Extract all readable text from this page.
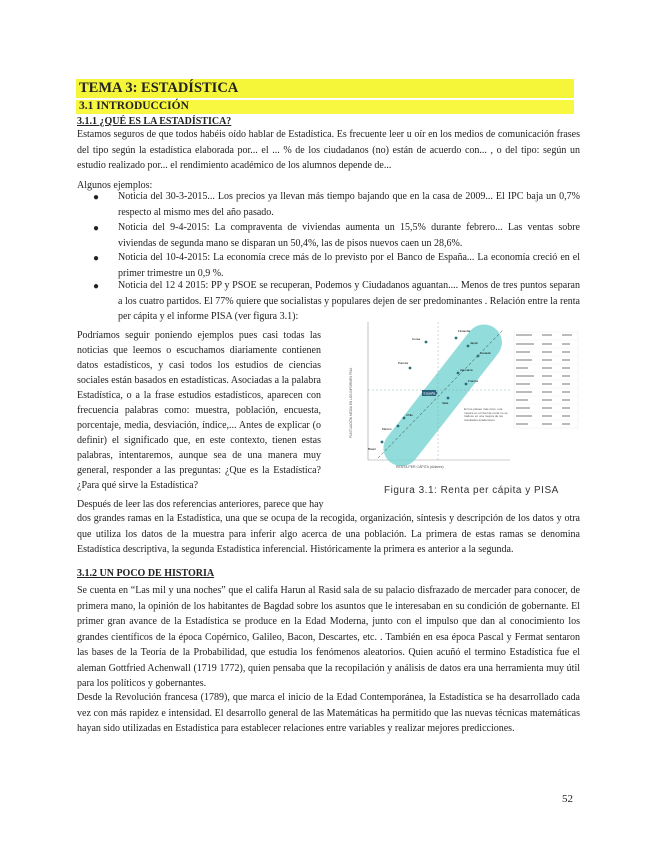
TEMA 3: ESTADÍSTICA
3.1 INTRODUCCIÓN
3.1.1 ¿QUÉ ES LA ESTADÍSTICA?
Estamos seguros de que todos habéis oído hablar de Estadística. Es frecuente leer u oír en los medios de comunicación frases del tipo según la estadística elaborada por... el ... % de los ciudadanos (no) están de acuerdo con... , o del tipo: según un estudio realizado por... el rendimiento académico de los alumnos depende de...
Algunos ejemplos:
● Noticia del 30-3-2015... Los precios ya llevan más tiempo bajando que en la casa de 2009... El IPC baja un 0,7% respecto al mismo mes del año pasado.
● Noticia del 9-4-2015: La compraventa de viviendas aumenta un 15,5% durante febrero... Las ventas sobre viviendas de segunda mano se disparan un 50,4%, las de pisos nuevos caen un 28,6%.
● Noticia del 10-4-2015: La economía crece más de lo previsto por el Banco de España... La economía creció en el primer trimestre un 0,9 %.
● Noticia del 12 4 2015: PP y PSOE se recuperan, Podemos y Ciudadanos aguantan.... Menos de tres puntos separan a los cuatro partidos. El 77% quiere que socialistas y populares dejen de ser predominantes . Relación entre la renta per cápita y el informe PISA (ver figura 3.1):
Podríamos seguir poniendo ejemplos pues casi todas las noticias que leemos o escuchamos diariamente contienen datos estadísticos, y casi todos los estudios de ciencias sociales están basados en estadísticas. Asociadas a la palabra Estadística, o a la frase estudios estadísticos, aparecen con frecuencia palabras como: muestra, población, encuesta, porcentaje, media, desviación, índice,... Antes de explicar (o definir) el significado que, en este contexto, tienen estas palabras, intentaremos, aunque sea de una manera muy general, responder a las preguntas: ¿Que es la Estadística? ¿Para qué sirve la Estadística?
Finlandia
Japón
Corea
Canadá
Polonia
Alemania
Italia
Francia
México
Chile
Brasil
España
En los países más ricos, una mejora en el nivel de renta no se traduce en una mejora de los resultados académicos
RENTA PER CÁPITA (dólares)
PUNTUACIÓN MEDIA EN LOS INFORMES PISA
Figura 3.1: Renta per cápita y PISA
Después de leer las dos referencias anteriores, parece que hay
dos grandes ramas en la Estadística, una que se ocupa de la recogida, organización, síntesis y descripción de los datos y otra que utiliza los datos de la muestra para inferir algo acerca de una población. La primera de estas ramas se denomina Estadística descriptiva, la segunda Estadística inferencial. Históricamente la primera es anterior a la segunda.
3.1.2 UN POCO DE HISTORIA
Se cuenta en “Las mil y una noches” que el califa Harun al Rasid sala de su palacio disfrazado de mercader para conocer, de primera mano, la opinión de los habitantes de Bagdad sobre los asuntos que le interesaban en su condición de gobernante. El primer gran avance de la Estadística se produce en la Edad Moderna, junto con el impulso que dan al conocimiento los grandes científicos de la época Copérnico, Galileo, Bacon, Descartes, etc. . También en esa época Pascal y Fermat sentaron las bases de la Teoría de la Probabilidad, que estudia los fenómenos aleatorios. Quien acuñó el termino Estadística fue el aleman Gottfried Achenwall (1719 1772), quien pensaba que la recopilación y análisis de datos era una herramienta muy útil para los políticos y gobernantes.
Desde la Revolución francesa (1789), que marca el inicio de la Edad Contemporánea, la Estadística se ha desarrollado cada vez con más rapidez e intensidad. El desarrollo general de las Matemáticas ha permitido que las nuevas técnicas matemáticas hayan sido utilizadas en Estadística para establecer relaciones entre variables y realizar mejores predicciones.
52
